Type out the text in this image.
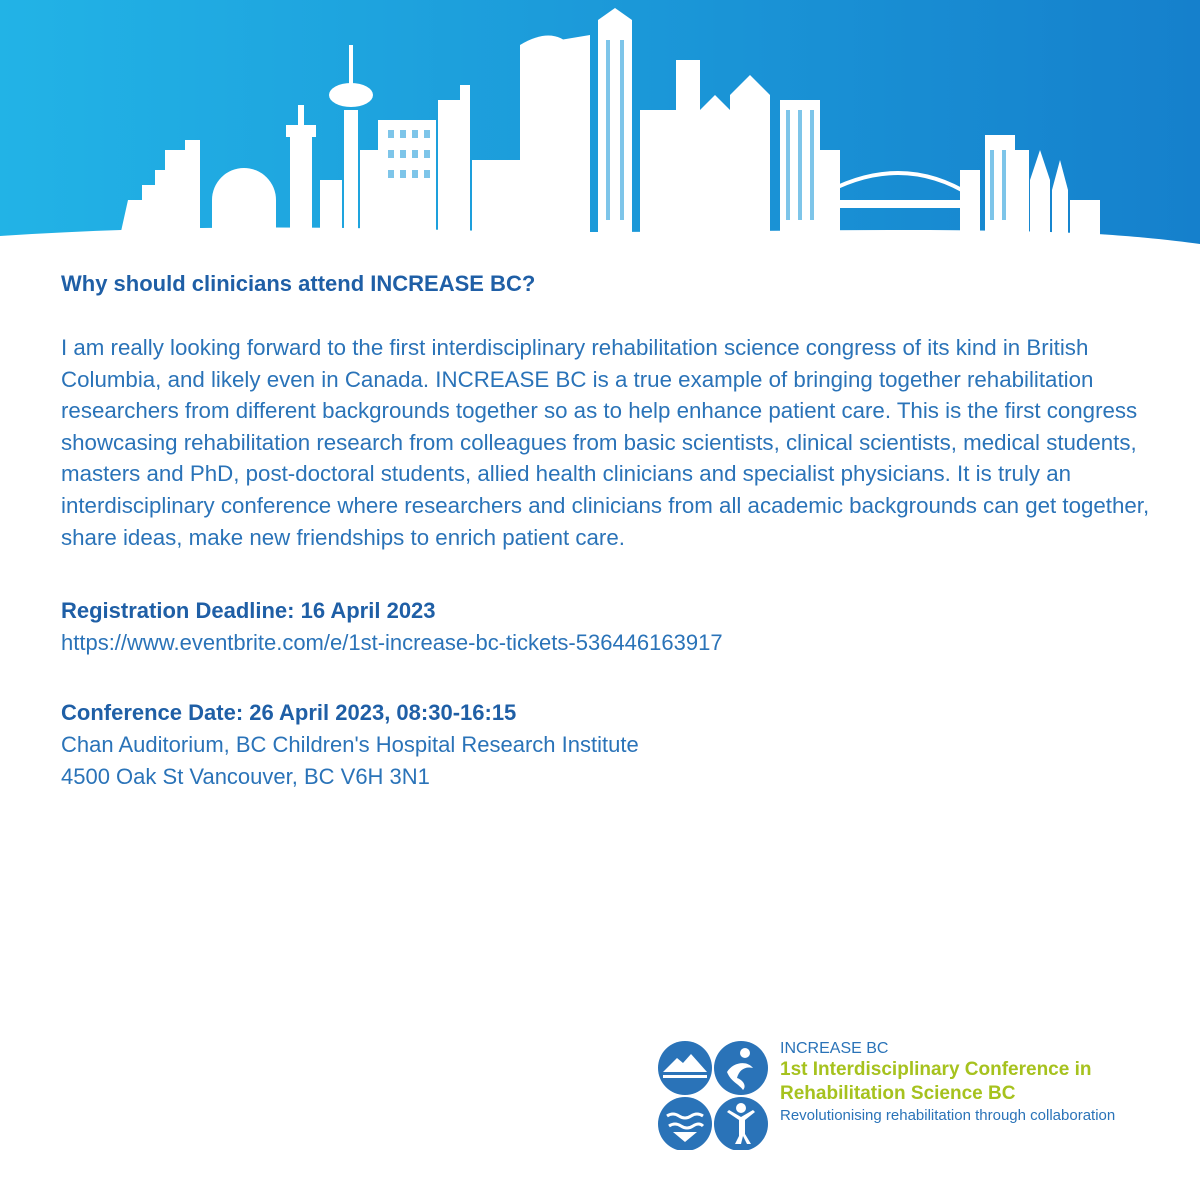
Why should clinicians attend INCREASE BC?

I am really looking forward to the first interdisciplinary rehabilitation science congress of its kind in British Columbia, and likely even in Canada. INCREASE BC is a true example of bringing together rehabilitation researchers from different backgrounds together so as to help enhance patient care. This is the first congress showcasing rehabilitation research from colleagues from basic scientists, clinical scientists, medical students, masters and PhD, post-doctoral students, allied health clinicians and specialist physicians. It is truly an interdisciplinary conference where researchers and clinicians from all academic backgrounds can get together, share ideas, make new friendships to enrich patient care.

Registration Deadline: 16 April 2023
https://www.eventbrite.com/e/1st-increase-bc-tickets-536446163917
Conference Date: 26 April 2023, 08:30-16:15
Chan Auditorium, BC Children's Hospital Research Institute
4500 Oak St Vancouver, BC V6H 3N1
INCREASE BC
1st Interdisciplinary Conference in
Rehabilitation Science BC
Revolutionising rehabilitation through collaboration
